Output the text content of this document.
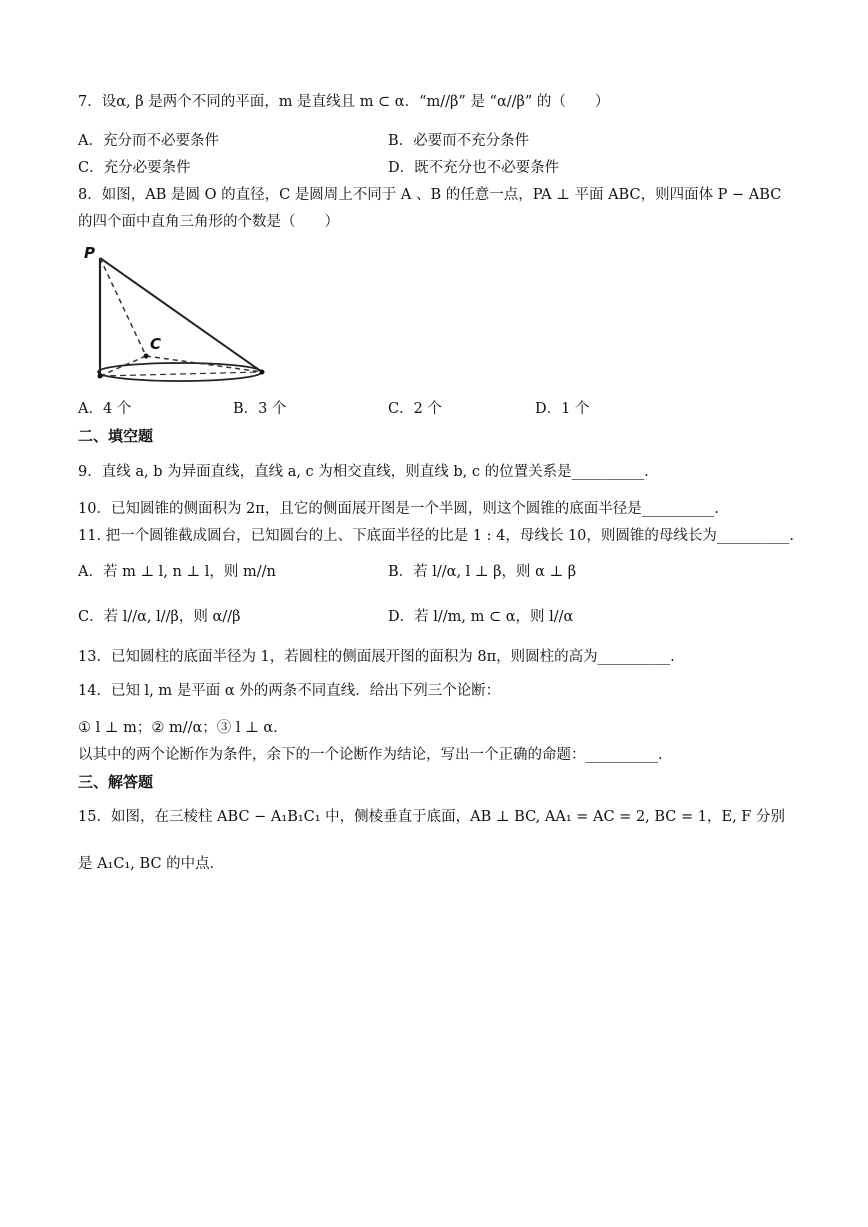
7．设α, β 是两个不同的平面，m 是直线且 m ⊂ α．“m//β” 是 “α//β” 的（　　）
A．充分而不必要条件	B．必要而不充分条件
C．充分必要条件	D．既不充分也不必要条件
8．如图，AB 是圆 O 的直径，C 是圆周上不同于 A 、B 的任意一点，PA ⊥ 平面 ABC，则四面体 P − ABC
的四个面中直角三角形的个数是（　　）
P
C
A．4 个	B．3 个	C．2 个	D．1 个
二、填空题
9．直线 a, b 为异面直线，直线 a, c 为相交直线，则直线 b, c 的位置关系是__________.
10．已知圆锥的侧面积为 2π，且它的侧面展开图是一个半圆，则这个圆锥的底面半径是__________.
11. 把一个圆锥截成圆台，已知圆台的上、下底面半径的比是 1 : 4，母线长 10，则圆锥的母线长为__________.
A．若 m ⊥ l, n ⊥ l，则 m//n	B．若 l//α, l ⊥ β，则 α ⊥ β
C．若 l//α, l//β，则 α//β	D．若 l//m, m ⊂ α，则 l//α
13．已知圆柱的底面半径为 1，若圆柱的侧面展开图的面积为 8π，则圆柱的高为__________.
14．已知 l, m 是平面 α 外的两条不同直线．给出下列三个论断：
① l ⊥ m；② m//α；③ l ⊥ α．
以其中的两个论断作为条件，余下的一个论断作为结论，写出一个正确的命题：__________.
三、解答题
15．如图，在三棱柱 ABC − A₁B₁C₁ 中，侧棱垂直于底面，AB ⊥ BC, AA₁ = AC = 2, BC = 1，E, F 分别
是 A₁C₁, BC 的中点．
